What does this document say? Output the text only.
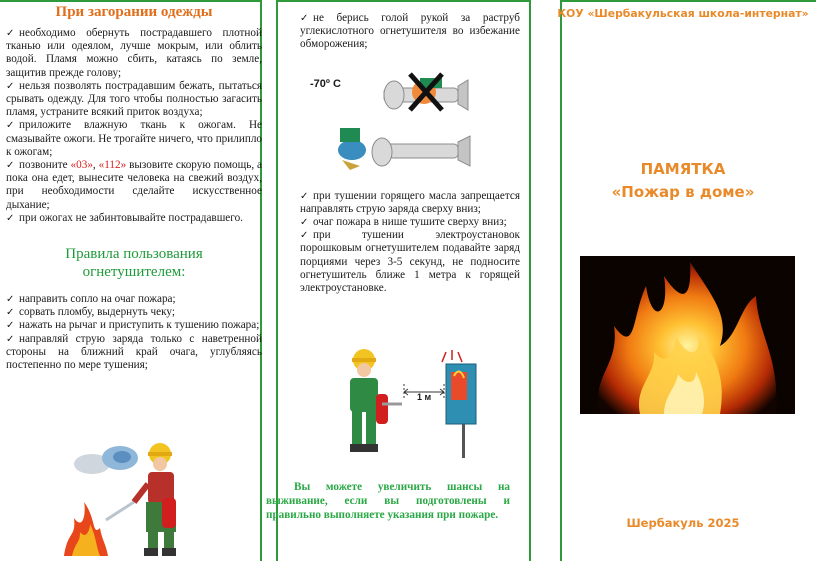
При загорании одежды
✓ необходимо обернуть пострадавшего плотной тканью или одеялом, лучше мокрым, или облить водой. Пламя можно сбить, катаясь по земле, защитив прежде голову;
✓ нельзя позволять пострадавшим бежать, пытаться срывать одежду. Для того чтобы полностью загасить пламя, устраните всякий приток воздуха;
✓ приложите влажную ткань к ожогам. Не смазывайте ожоги. Не трогайте ничего, что прилипло к ожогам;
✓ позвоните «03», «112» вызовите скорую помощь, а пока она едет, вынесите человека на свежий воздух, при необходимости сделайте искусственное дыхание;
✓ при ожогах не забинтовывайте пострадавшего.
Правила пользования
огнетушителем:
✓ направить сопло на очаг пожара;
✓ сорвать пломбу, выдернуть чеку;
✓ нажать на рычаг и приступить к тушению пожара;
✓ направляй струю заряда только с наветренной стороны на ближний край очага, углубляясь постепенно по мере тушения;
✓ не берись голой рукой за раструб углекислотного огнетушителя во избежание обморожения;
-70º С
✓ при тушении горящего масла запрещается направлять струю заряда сверху вниз;
✓ очаг пожара в нише тушите сверху вниз;
✓ при тушении электроустановок порошковым огнетушителем подавайте заряд порциями через 3-5 секунд, не подносите огнетушитель ближе 1 метра к горящей электроустановке.
1 м
Вы можете увеличить шансы на выживание, если вы подготовлены и правильно выполняете указания при пожаре.
КОУ «Шербакульская школа-интернат»
ПАМЯТКА
«Пожар в доме»
Шербакуль 2025
